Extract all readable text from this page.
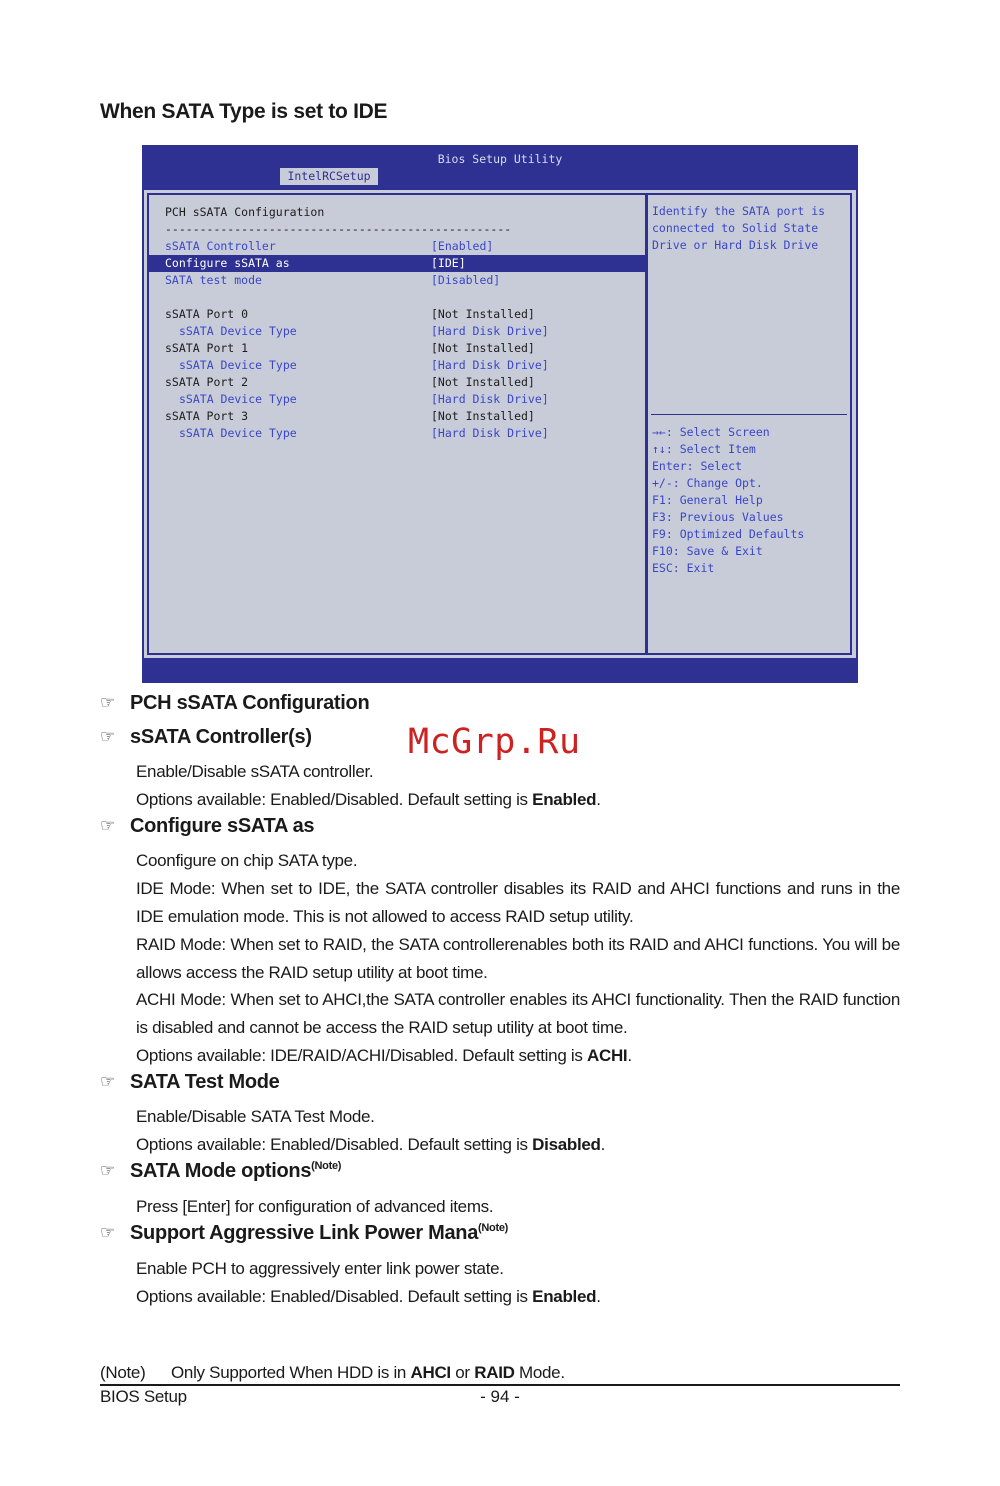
When SATA Type is set to IDE
Bios Setup Utility
IntelRCSetup
PCH sSATA Configuration
--------------------------------------------------
sSATA Controller	[Enabled]
Configure sSATA as	[IDE]
SATA test mode	[Disabled]
sSATA Port 0	[Not Installed]
sSATA Device Type	[Hard Disk Drive]
sSATA Port 1	[Not Installed]
sSATA Device Type	[Hard Disk Drive]
sSATA Port 2	[Not Installed]
sSATA Device Type	[Hard Disk Drive]
sSATA Port 3	[Not Installed]
sSATA Device Type	[Hard Disk Drive]
Identify the SATA port is
connected to Solid State
Drive or Hard Disk Drive
→←: Select Screen
↑↓: Select Item
Enter: Select
+/-: Change Opt.
F1: General Help
F3: Previous Values
F9: Optimized Defaults
F10: Save & Exit
ESC: Exit
☞ PCH sSATA Configuration
☞ sSATA Controller(s)
Enable/Disable sSATA controller.
Options available: Enabled/Disabled. Default setting is Enabled.
McGrp.Ru
☞ Configure sSATA as
Coonfigure on chip SATA type.
IDE Mode: When set to IDE, the SATA controller disables its RAID and AHCI functions and runs in the IDE emulation mode. This is not allowed to access RAID setup utility.
RAID Mode: When set to RAID, the SATA controllerenables both its RAID and AHCI functions. You will be allows access the RAID setup utility at boot time.
ACHI Mode: When set to AHCI,the SATA controller enables its AHCI functionality. Then the RAID function is disabled and cannot be access the RAID setup utility at boot time.
Options available: IDE/RAID/ACHI/Disabled. Default setting is ACHI.
☞ SATA Test Mode
Enable/Disable SATA Test Mode.
Options available: Enabled/Disabled. Default setting is Disabled.
☞ SATA Mode options$^{(Note)}$
Press [Enter] for configuration of advanced items.
☞ Support Aggressive Link Power Mana$^{(Note)}$
Enable PCH to aggressively enter link power state.
Options available: Enabled/Disabled. Default setting is Enabled.
(Note) Only Supported When HDD is in AHCI or RAID Mode.
BIOS Setup	- 94 -
